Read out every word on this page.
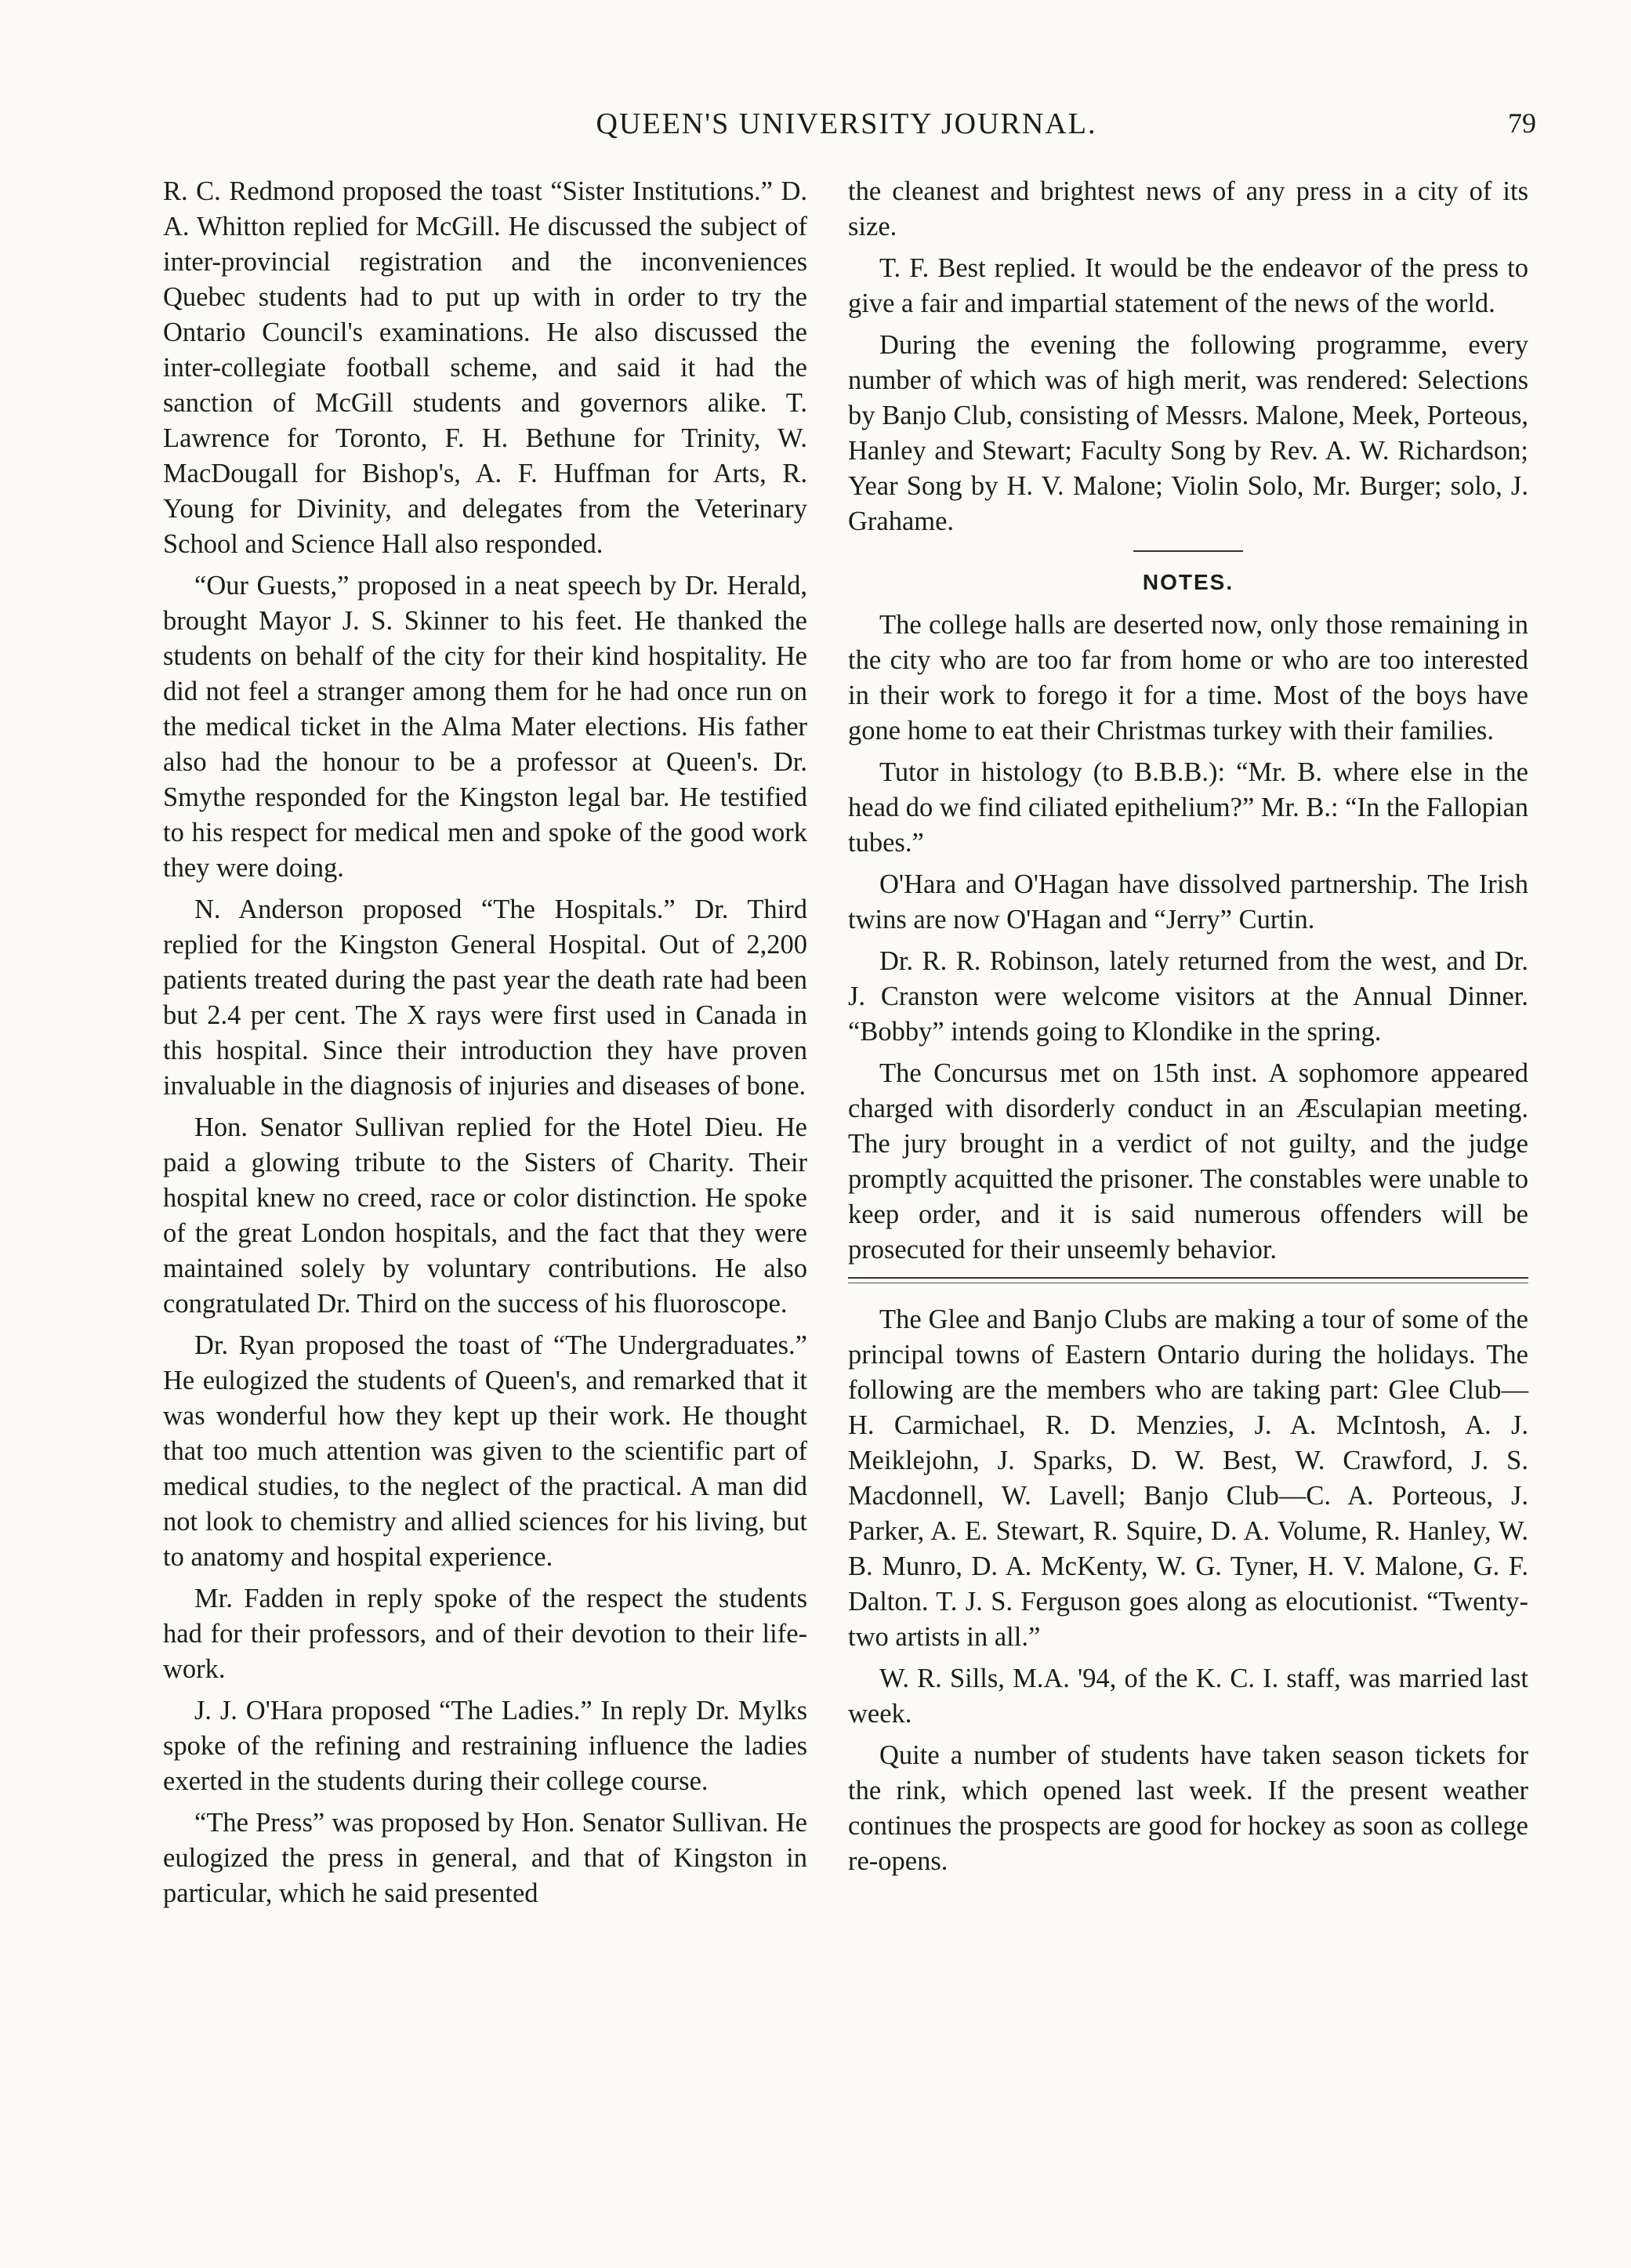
QUEEN'S UNIVERSITY JOURNAL.	79

R. C. Redmond proposed the toast “Sister Institutions.” D. A. Whitton replied for McGill. He discussed the subject of inter-provincial registration and the inconveniences Quebec students had to put up with in order to try the Ontario Council's examinations. He also discussed the inter-collegiate football scheme, and said it had the sanction of McGill students and governors alike. T. Lawrence for Toronto, F. H. Bethune for Trinity, W. MacDougall for Bishop's, A. F. Huffman for Arts, R. Young for Divinity, and delegates from the Veterinary School and Science Hall also responded.

“Our Guests,” proposed in a neat speech by Dr. Herald, brought Mayor J. S. Skinner to his feet. He thanked the students on behalf of the city for their kind hospitality. He did not feel a stranger among them for he had once run on the medical ticket in the Alma Mater elections. His father also had the honour to be a professor at Queen's. Dr. Smythe responded for the Kingston legal bar. He testified to his respect for medical men and spoke of the good work they were doing.

N. Anderson proposed “The Hospitals.” Dr. Third replied for the Kingston General Hospital. Out of 2,200 patients treated during the past year the death rate had been but 2.4 per cent. The X rays were first used in Canada in this hospital. Since their introduction they have proven invaluable in the diagnosis of injuries and diseases of bone.

Hon. Senator Sullivan replied for the Hotel Dieu. He paid a glowing tribute to the Sisters of Charity. Their hospital knew no creed, race or color distinction. He spoke of the great London hospitals, and the fact that they were maintained solely by voluntary contributions. He also congratulated Dr. Third on the success of his fluoroscope.

Dr. Ryan proposed the toast of “The Undergraduates.” He eulogized the students of Queen's, and remarked that it was wonderful how they kept up their work. He thought that too much attention was given to the scientific part of medical studies, to the neglect of the practical. A man did not look to chemistry and allied sciences for his living, but to anatomy and hospital experience.

Mr. Fadden in reply spoke of the respect the students had for their professors, and of their devotion to their life-work.

J. J. O'Hara proposed “The Ladies.” In reply Dr. Mylks spoke of the refining and restraining influence the ladies exerted in the students during their college course.

“The Press” was proposed by Hon. Senator Sullivan. He eulogized the press in general, and that of Kingston in particular, which he said presented

the cleanest and brightest news of any press in a city of its size.

T. F. Best replied. It would be the endeavor of the press to give a fair and impartial statement of the news of the world.

During the evening the following programme, every number of which was of high merit, was rendered: Selections by Banjo Club, consisting of Messrs. Malone, Meek, Porteous, Hanley and Stewart; Faculty Song by Rev. A. W. Richardson; Year Song by H. V. Malone; Violin Solo, Mr. Burger; solo, J. Grahame.

NOTES.

The college halls are deserted now, only those remaining in the city who are too far from home or who are too interested in their work to forego it for a time. Most of the boys have gone home to eat their Christmas turkey with their families.

Tutor in histology (to B.B.B.): “Mr. B. where else in the head do we find ciliated epithelium?” Mr. B.: “In the Fallopian tubes.”

O'Hara and O'Hagan have dissolved partnership. The Irish twins are now O'Hagan and “Jerry” Curtin.

Dr. R. R. Robinson, lately returned from the west, and Dr. J. Cranston were welcome visitors at the Annual Dinner. “Bobby” intends going to Klondike in the spring.

The Concursus met on 15th inst. A sophomore appeared charged with disorderly conduct in an Æsculapian meeting. The jury brought in a verdict of not guilty, and the judge promptly acquitted the prisoner. The constables were unable to keep order, and it is said numerous offenders will be prosecuted for their unseemly behavior.

The Glee and Banjo Clubs are making a tour of some of the principal towns of Eastern Ontario during the holidays. The following are the members who are taking part: Glee Club—H. Carmichael, R. D. Menzies, J. A. McIntosh, A. J. Meiklejohn, J. Sparks, D. W. Best, W. Crawford, J. S. Macdonnell, W. Lavell; Banjo Club—C. A. Porteous, J. Parker, A. E. Stewart, R. Squire, D. A. Volume, R. Hanley, W. B. Munro, D. A. McKenty, W. G. Tyner, H. V. Malone, G. F. Dalton. T. J. S. Ferguson goes along as elocutionist. “Twenty-two artists in all.”

W. R. Sills, M.A. '94, of the K. C. I. staff, was married last week.

Quite a number of students have taken season tickets for the rink, which opened last week. If the present weather continues the prospects are good for hockey as soon as college re-opens.
